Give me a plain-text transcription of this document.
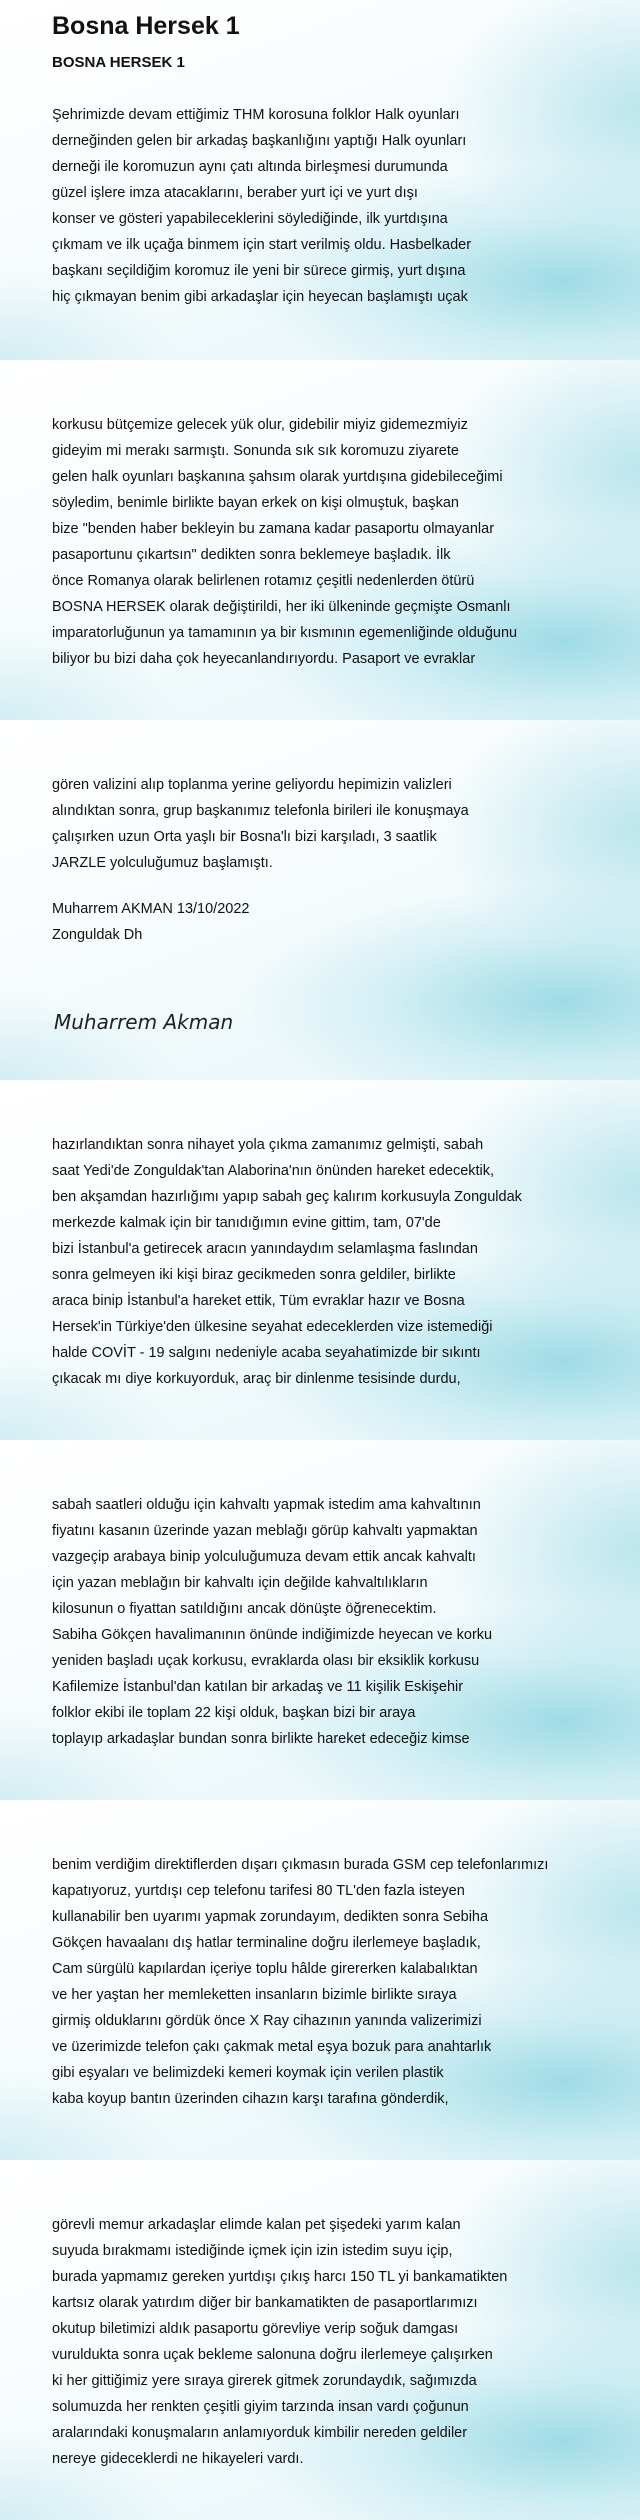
Bosna Hersek 1
BOSNA HERSEK 1
Şehrimizde devam ettiğimiz THM korosuna folklor Halk oyunları
derneğinden gelen bir arkadaş başkanlığını yaptığı Halk oyunları
derneği ile koromuzun aynı çatı altında birleşmesi durumunda
güzel işlere imza atacaklarını, beraber yurt içi ve yurt dışı
konser ve gösteri yapabileceklerini söylediğinde, ilk yurtdışına
çıkmam ve ilk uçağa binmem için start verilmiş oldu. Hasbelkader
başkanı seçildiğim koromuz ile yeni bir sürece girmiş, yurt dışına
hiç çıkmayan benim gibi arkadaşlar için heyecan başlamıştı uçak
korkusu bütçemize gelecek yük olur, gidebilir miyiz gidemezmiyiz
gideyim mi merakı sarmıştı. Sonunda sık sık koromuzu ziyarete
gelen halk oyunları başkanına şahsım olarak yurtdışına gidebileceğimi
söyledim, benimle birlikte bayan erkek on kişi olmuştuk, başkan
bize "benden haber bekleyin bu zamana kadar pasaportu olmayanlar
pasaportunu çıkartsın" dedikten sonra beklemeye başladık. İlk
önce Romanya olarak belirlenen rotamız çeşitli nedenlerden ötürü
BOSNA HERSEK olarak değiştirildi, her iki ülkeninde geçmişte Osmanlı
imparatorluğunun ya tamamının ya bir kısmının egemenliğinde olduğunu
biliyor bu bizi daha çok heyecanlandırıyordu. Pasaport ve evraklar
gören valizini alıp toplanma yerine geliyordu hepimizin valizleri
alındıktan sonra, grup başkanımız telefonla birileri ile konuşmaya
çalışırken uzun Orta yaşlı bir Bosna'lı bizi karşıladı, 3 saatlik
JARZLE yolculuğumuz başlamıştı.
Muharrem AKMAN 13/10/2022
Zonguldak Dh
Muharrem Akman
hazırlandıktan sonra nihayet yola çıkma zamanımız gelmişti, sabah
saat Yedi'de Zonguldak'tan Alaborina'nın önünden hareket edecektik,
ben akşamdan hazırlığımı yapıp sabah geç kalırım korkusuyla Zonguldak
merkezde kalmak için bir tanıdığımın evine gittim, tam, 07'de
bizi İstanbul'a getirecek aracın yanındaydım selamlaşma faslından
sonra gelmeyen iki kişi biraz gecikmeden sonra geldiler, birlikte
araca binip İstanbul'a hareket ettik, Tüm evraklar hazır ve Bosna
Hersek'in Türkiye'den ülkesine seyahat edeceklerden vize istemediği
halde COVİT - 19 salgını nedeniyle acaba seyahatimizde bir sıkıntı
çıkacak mı diye korkuyorduk, araç bir dinlenme tesisinde durdu,
sabah saatleri olduğu için kahvaltı yapmak istedim ama kahvaltının
fiyatını kasanın üzerinde yazan meblağı görüp kahvaltı yapmaktan
vazgeçip arabaya binip yolculuğumuza devam ettik ancak kahvaltı
için yazan meblağın bir kahvaltı için değilde kahvaltılıkların
kilosunun o fiyattan satıldığını ancak dönüşte öğrenecektim.
Sabiha Gökçen havalimanının önünde indiğimizde heyecan ve korku
yeniden başladı uçak korkusu, evraklarda olası bir eksiklik korkusu
Kafilemize İstanbul'dan katılan bir arkadaş ve 11 kişilik Eskişehir
folklor ekibi ile toplam 22 kişi olduk, başkan bizi bir araya
toplayıp arkadaşlar bundan sonra birlikte hareket edeceğiz kimse
benim verdiğim direktiflerden dışarı çıkmasın burada GSM cep telefonlarımızı
kapatıyoruz, yurtdışı cep telefonu tarifesi 80 TL'den fazla isteyen
kullanabilir ben uyarımı yapmak zorundayım, dedikten sonra Sebiha
Gökçen havaalanı dış hatlar terminaline doğru ilerlemeye başladık,
Cam sürgülü kapılardan içeriye toplu hâlde girererken kalabalıktan
ve her yaştan her memleketten insanların bizimle birlikte sıraya
girmiş olduklarını gördük önce X Ray cihazının yanında valizerimizi
ve üzerimizde telefon çakı çakmak metal eşya bozuk para anahtarlık
gibi eşyaları ve belimizdeki kemeri koymak için verilen plastik
kaba koyup bantın üzerinden cihazın karşı tarafına gönderdik,
görevli memur arkadaşlar elimde kalan pet şişedeki yarım kalan
suyuda bırakmamı istediğinde içmek için izin istedim suyu içip,
burada yapmamız gereken yurtdışı çıkış harcı 150 TL yi bankamatikten
kartsız olarak yatırdım diğer bir bankamatikten de pasaportlarımızı
okutup biletimizi aldık pasaportu görevliye verip soğuk damgası
vuruldukta sonra uçak bekleme salonuna doğru ilerlemeye çalışırken
ki her gittiğimiz yere sıraya girerek gitmek zorundaydık, sağımızda
solumuzda her renkten çeşitli giyim tarzında insan vardı çoğunun
aralarındaki konuşmaların anlamıyorduk kimbilir nereden geldiler
nereye gideceklerdi ne hikayeleri vardı.
